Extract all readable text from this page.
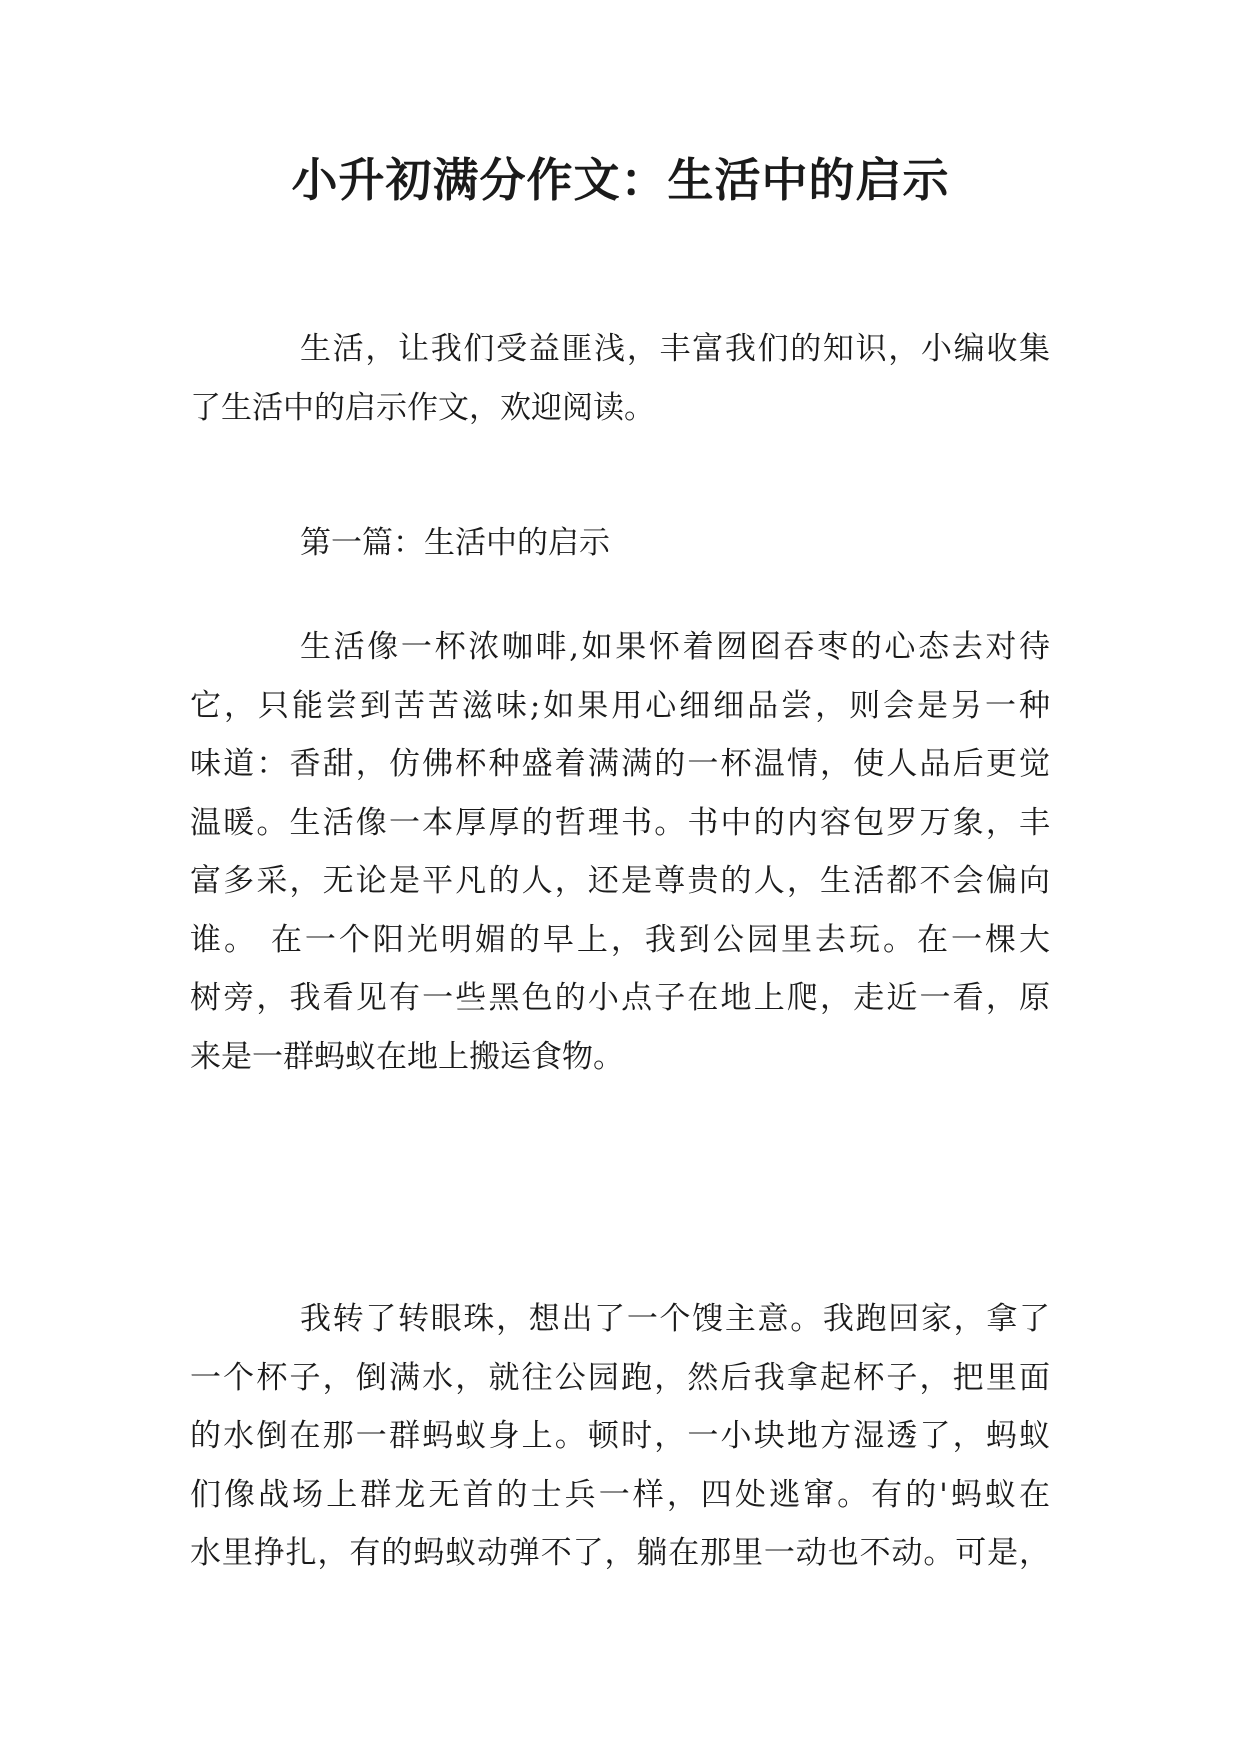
小升初满分作文：生活中的启示
生活，让我们受益匪浅，丰富我们的知识，小编收集
了生活中的启示作文，欢迎阅读。
第一篇：生活中的启示
生活像一杯浓咖啡,如果怀着囫囵吞枣的心态去对待
它，只能尝到苦苦滋味;如果用心细细品尝，则会是另一种
味道：香甜，仿佛杯种盛着满满的一杯温情，使人品后更觉
温暖。生活像一本厚厚的哲理书。书中的内容包罗万象，丰
富多采，无论是平凡的人，还是尊贵的人，生活都不会偏向
谁。 在一个阳光明媚的早上，我到公园里去玩。在一棵大
树旁，我看见有一些黑色的小点子在地上爬，走近一看，原
来是一群蚂蚁在地上搬运食物。
我转了转眼珠，想出了一个馊主意。我跑回家，拿了
一个杯子，倒满水，就往公园跑，然后我拿起杯子，把里面
的水倒在那一群蚂蚁身上。顿时，一小块地方湿透了，蚂蚁
们像战场上群龙无首的士兵一样，四处逃窜。有的'蚂蚁在
水里挣扎，有的蚂蚁动弹不了，躺在那里一动也不动。可是，
